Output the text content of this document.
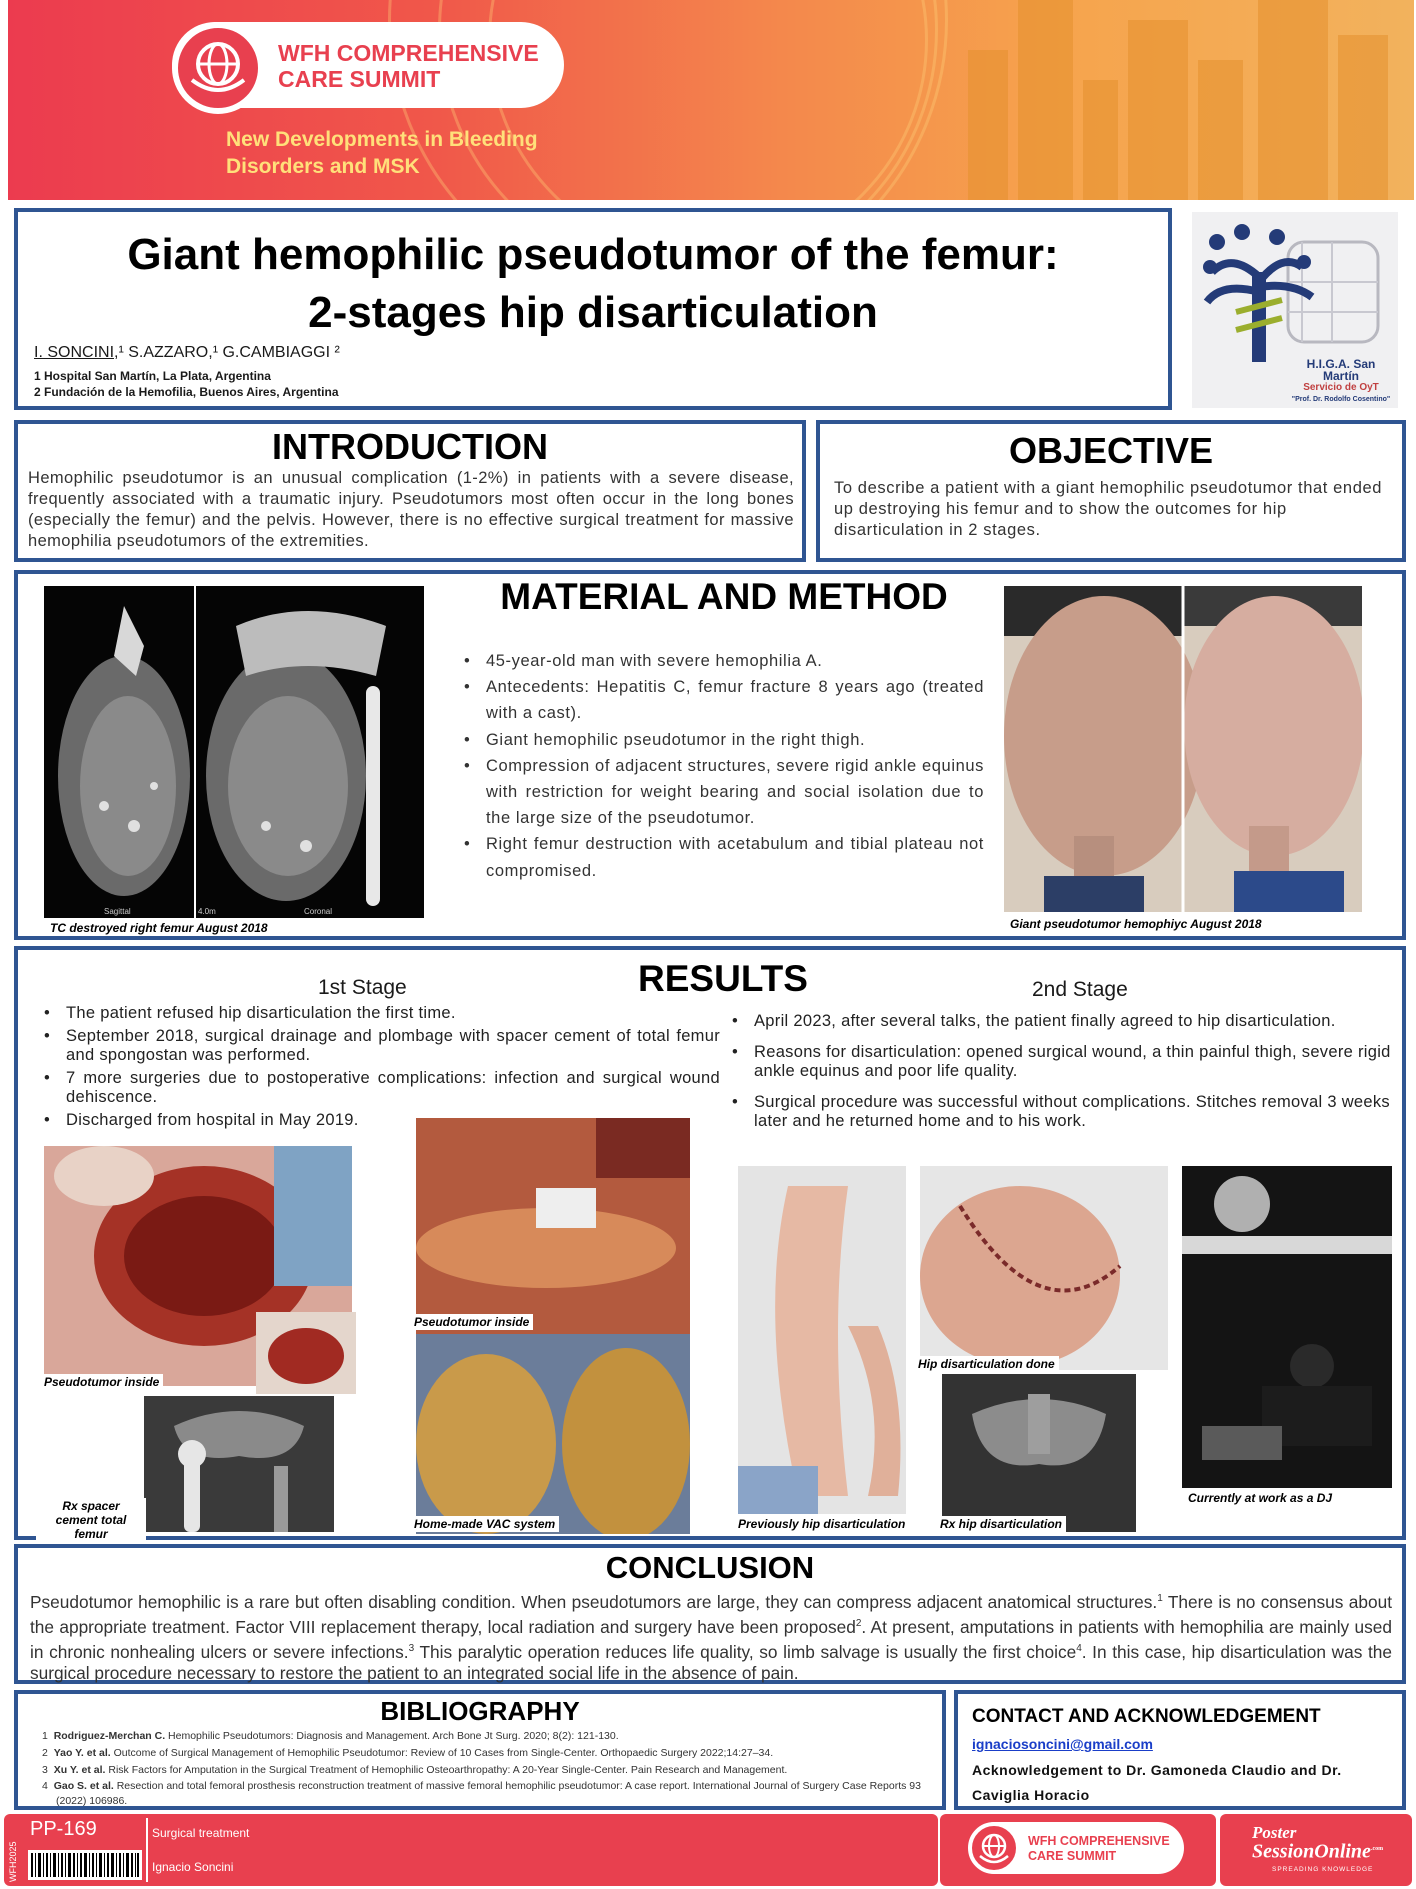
WFH COMPREHENSIVE
CARE SUMMIT
New Developments in Bleeding
Disorders and MSK
Giant hemophilic pseudotumor of the femur:
2-stages hip disarticulation
I. SONCINI,¹ S.AZZARO,¹ G.CAMBIAGGI ²
1 Hospital San Martín, La Plata, Argentina
2 Fundación de la Hemofilia, Buenos Aires, Argentina
H.I.G.A. San Martín
Servicio de OyT
"Prof. Dr. Rodolfo Cosentino"
INTRODUCTION
Hemophilic pseudotumor is an unusual complication (1-2%) in patients with a severe disease, frequently associated with a traumatic injury. Pseudotumors most often occur in the long bones (especially the femur) and the pelvis. However, there is no effective surgical treatment for massive hemophilia pseudotumors of the extremities.
OBJECTIVE
To describe a patient with a giant hemophilic pseudotumor that ended up destroying his femur and to show the outcomes for hip disarticulation in 2 stages.
Sagittal	4.0m	Coronal
TC destroyed right femur August 2018
MATERIAL AND METHOD
• 45-year-old man with severe hemophilia A.
• Antecedents: Hepatitis C, femur fracture 8 years ago (treated with a cast).
• Giant hemophilic pseudotumor in the right thigh.
• Compression of adjacent structures, severe rigid ankle equinus with restriction for weight bearing and social isolation due to the large size of the pseudotumor.
• Right femur destruction with acetabulum and tibial plateau not compromised.
Giant pseudotumor hemophiyc August 2018
RESULTS
1st Stage
• The patient refused hip disarticulation the first time.
• September 2018, surgical drainage and plombage with spacer cement of total femur and spongostan was performed.
• 7 more surgeries due to postoperative complications: infection and surgical wound dehiscence.
• Discharged from hospital in May 2019.
2nd Stage
• April 2023, after several talks, the patient finally agreed to hip disarticulation.
• Reasons for disarticulation: opened surgical wound, a thin painful thigh, severe rigid ankle equinus and poor life quality.
• Surgical procedure was successful without complications. Stitches removal 3 weeks later and he returned home and to his work.
Pseudotumor inside
Rx spacer cement total femur
Pseudotumor inside
Home-made VAC system	Previously hip disarticulation
Hip disarticulation done
Rx hip disarticulation
Currently at work as a DJ
CONCLUSION
Pseudotumor hemophilic is a rare but often disabling condition. When pseudotumors are large, they can compress adjacent anatomical structures.$^1$ There is no consensus about the appropriate treatment. Factor VIII replacement therapy, local radiation and surgery have been proposed$^2$. At present, amputations in patients with hemophilia are mainly used in chronic nonhealing ulcers or severe infections.$^3$ This paralytic operation reduces life quality, so limb salvage is usually the first choice$^4$. In this case, hip disarticulation was the surgical procedure necessary to restore the patient to an integrated social life in the absence of pain.
BIBLIOGRAPHY
1 Rodriguez-Merchan C. Hemophilic Pseudotumors: Diagnosis and Management. Arch Bone Jt Surg. 2020; 8(2): 121-130.
2 Yao Y. et al. Outcome of Surgical Management of Hemophilic Pseudotumor: Review of 10 Cases from Single-Center. Orthopaedic Surgery 2022;14:27–34.
3 Xu Y. et al. Risk Factors for Amputation in the Surgical Treatment of Hemophilic Osteoarthropathy: A 20-Year Single-Center. Pain Research and Management.
4 Gao S. et al. Resection and total femoral prosthesis reconstruction treatment of massive femoral hemophilic pseudotumor: A case report. International Journal of Surgery Case Reports 93 (2022) 106986.
CONTACT AND ACKNOWLEDGEMENT
ignaciosoncini@gmail.com
Acknowledgement to Dr. Gamoneda Claudio and Dr. Caviglia Horacio
WFH2025
PP-169	Surgical treatment
Ignacio Soncini
WFH COMPREHENSIVE
CARE SUMMIT
Poster
SessionOnline$^{.com}$
SPREADING KNOWLEDGE
